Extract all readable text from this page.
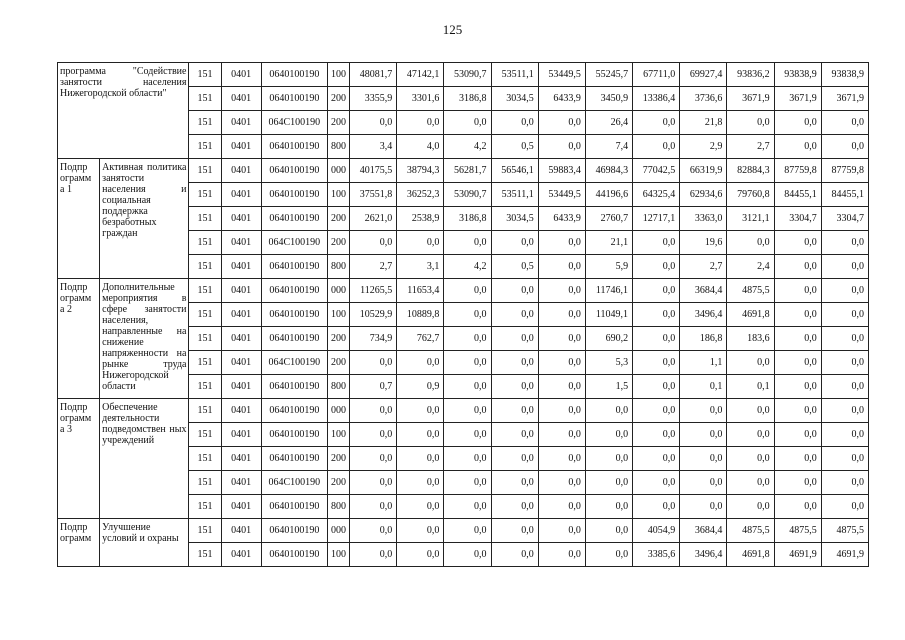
125
программа "Содействие занятости населения Нижегородской области"		151	0401	0640100190	100	48081,7	47142,1	53090,7	53511,1	53449,5	55245,7	67711,0	69927,4	93836,2	93838,9	93838,9
		151	0401	0640100190	200	3355,9	3301,6	3186,8	3034,5	6433,9	3450,9	13386,4	3736,6	3671,9	3671,9	3671,9
		151	0401	064С100190	200	0,0	0,0	0,0	0,0	0,0	26,4	0,0	21,8	0,0	0,0	0,0
		151	0401	0640100190	800	3,4	4,0	4,2	0,5	0,0	7,4	0,0	2,9	2,7	0,0	0,0
Подпр ограмм а 1	Активная политика занятости населения и социальная поддержка безработных граждан	151	0401	0640100190	000	40175,5	38794,3	56281,7	56546,1	59883,4	46984,3	77042,5	66319,9	82884,3	87759,8	87759,8
		151	0401	0640100190	100	37551,8	36252,3	53090,7	53511,1	53449,5	44196,6	64325,4	62934,6	79760,8	84455,1	84455,1
		151	0401	0640100190	200	2621,0	2538,9	3186,8	3034,5	6433,9	2760,7	12717,1	3363,0	3121,1	3304,7	3304,7
		151	0401	064С100190	200	0,0	0,0	0,0	0,0	0,0	21,1	0,0	19,6	0,0	0,0	0,0
		151	0401	0640100190	800	2,7	3,1	4,2	0,5	0,0	5,9	0,0	2,7	2,4	0,0	0,0
Подпр ограмм а 2	Дополнительные мероприятия в сфере занятости населения, направленные на снижение напряженности на рынке труда Нижегородской области	151	0401	0640100190	000	11265,5	11653,4	0,0	0,0	0,0	11746,1	0,0	3684,4	4875,5	0,0	0,0
		151	0401	0640100190	100	10529,9	10889,8	0,0	0,0	0,0	11049,1	0,0	3496,4	4691,8	0,0	0,0
		151	0401	0640100190	200	734,9	762,7	0,0	0,0	0,0	690,2	0,0	186,8	183,6	0,0	0,0
		151	0401	064С100190	200	0,0	0,0	0,0	0,0	0,0	5,3	0,0	1,1	0,0	0,0	0,0
		151	0401	0640100190	800	0,7	0,9	0,0	0,0	0,0	1,5	0,0	0,1	0,1	0,0	0,0
Подпр ограмм а 3	Обеспечение деятельности подведомствен ных учреждений	151	0401	0640100190	000	0,0	0,0	0,0	0,0	0,0	0,0	0,0	0,0	0,0	0,0	0,0
		151	0401	0640100190	100	0,0	0,0	0,0	0,0	0,0	0,0	0,0	0,0	0,0	0,0	0,0
		151	0401	0640100190	200	0,0	0,0	0,0	0,0	0,0	0,0	0,0	0,0	0,0	0,0	0,0
		151	0401	064С100190	200	0,0	0,0	0,0	0,0	0,0	0,0	0,0	0,0	0,0	0,0	0,0
		151	0401	0640100190	800	0,0	0,0	0,0	0,0	0,0	0,0	0,0	0,0	0,0	0,0	0,0
Подпр ограмм	Улучшение условий и охраны	151	0401	0640100190	000	0,0	0,0	0,0	0,0	0,0	0,0	4054,9	3684,4	4875,5	4875,5	4875,5
		151	0401	0640100190	100	0,0	0,0	0,0	0,0	0,0	0,0	3385,6	3496,4	4691,8	4691,9	4691,9
